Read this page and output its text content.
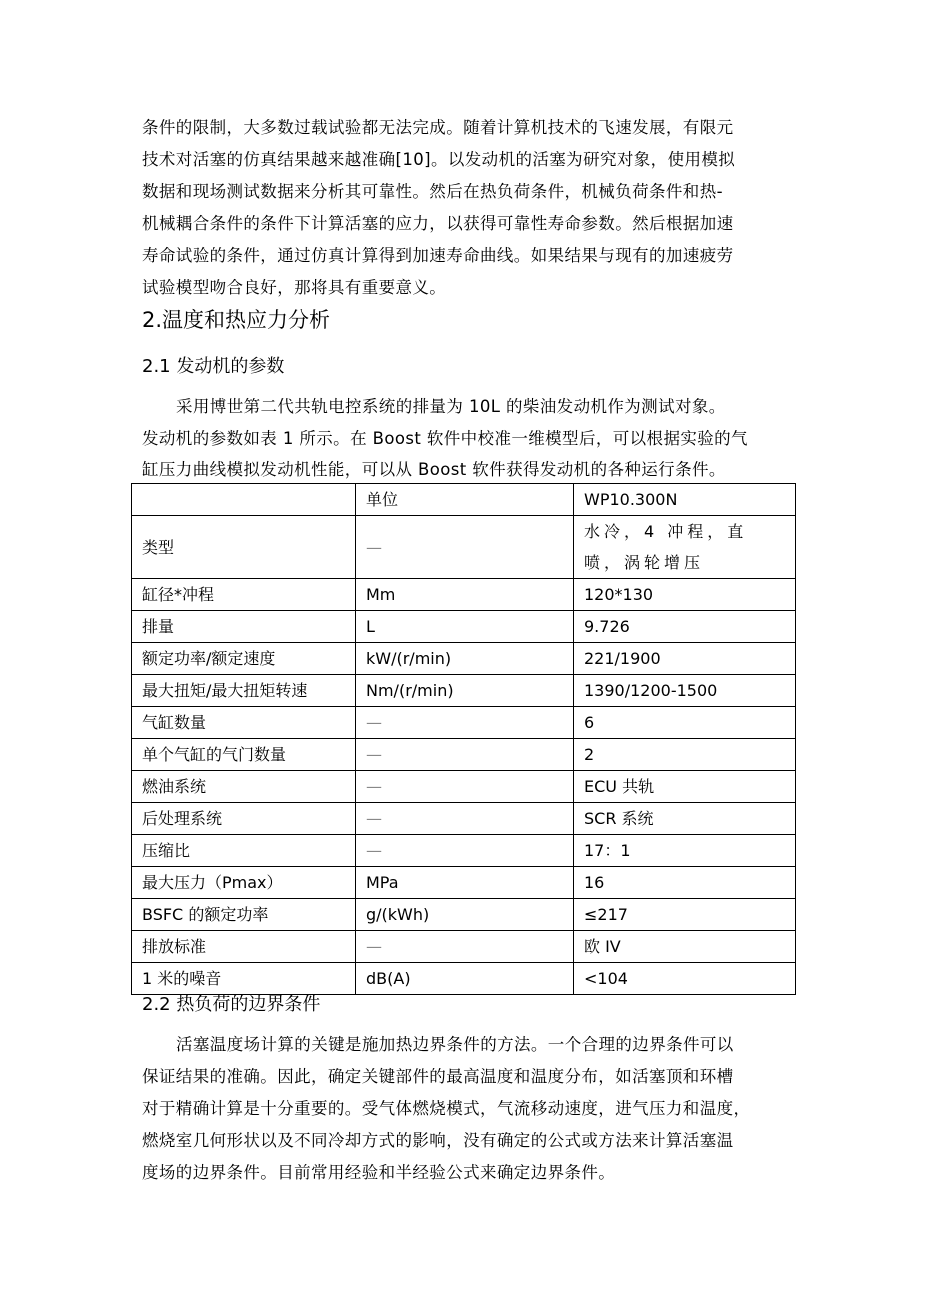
条件的限制，大多数过载试验都无法完成。随着计算机技术的飞速发展，有限元
技术对活塞的仿真结果越来越准确[10]。以发动机的活塞为研究对象，使用模拟
数据和现场测试数据来分析其可靠性。然后在热负荷条件，机械负荷条件和热-
机械耦合条件的条件下计算活塞的应力，以获得可靠性寿命参数。然后根据加速
寿命试验的条件，通过仿真计算得到加速寿命曲线。如果结果与现有的加速疲劳
试验模型吻合良好，那将具有重要意义。
2.温度和热应力分析
2.1 发动机的参数
采用博世第二代共轨电控系统的排量为 10L 的柴油发动机作为测试对象。
发动机的参数如表 1 所示。在 Boost 软件中校准一维模型后，可以根据实验的气
缸压力曲线模拟发动机性能，可以从 Boost 软件获得发动机的各种运行条件。
	单位	WP10.300N
类型	—	水冷，4 冲程，直喷，涡轮增压
缸径*冲程	Mm	120*130
排量	L	9.726
额定功率/额定速度	kW/(r/min)	221/1900
最大扭矩/最大扭矩转速	Nm/(r/min)	1390/1200-1500
气缸数量	—	6
单个气缸的气门数量	—	2
燃油系统	—	ECU 共轨
后处理系统	—	SCR 系统
压缩比	—	17：1
最大压力（Pmax）	MPa	16
BSFC 的额定功率	g/(kWh)	≤217
排放标准	—	欧 IV
1 米的噪音	dB(A)	<104
2.2 热负荷的边界条件
活塞温度场计算的关键是施加热边界条件的方法。一个合理的边界条件可以
保证结果的准确。因此，确定关键部件的最高温度和温度分布，如活塞顶和环槽
对于精确计算是十分重要的。受气体燃烧模式，气流移动速度，进气压力和温度，
燃烧室几何形状以及不同冷却方式的影响，没有确定的公式或方法来计算活塞温
度场的边界条件。目前常用经验和半经验公式来确定边界条件。
